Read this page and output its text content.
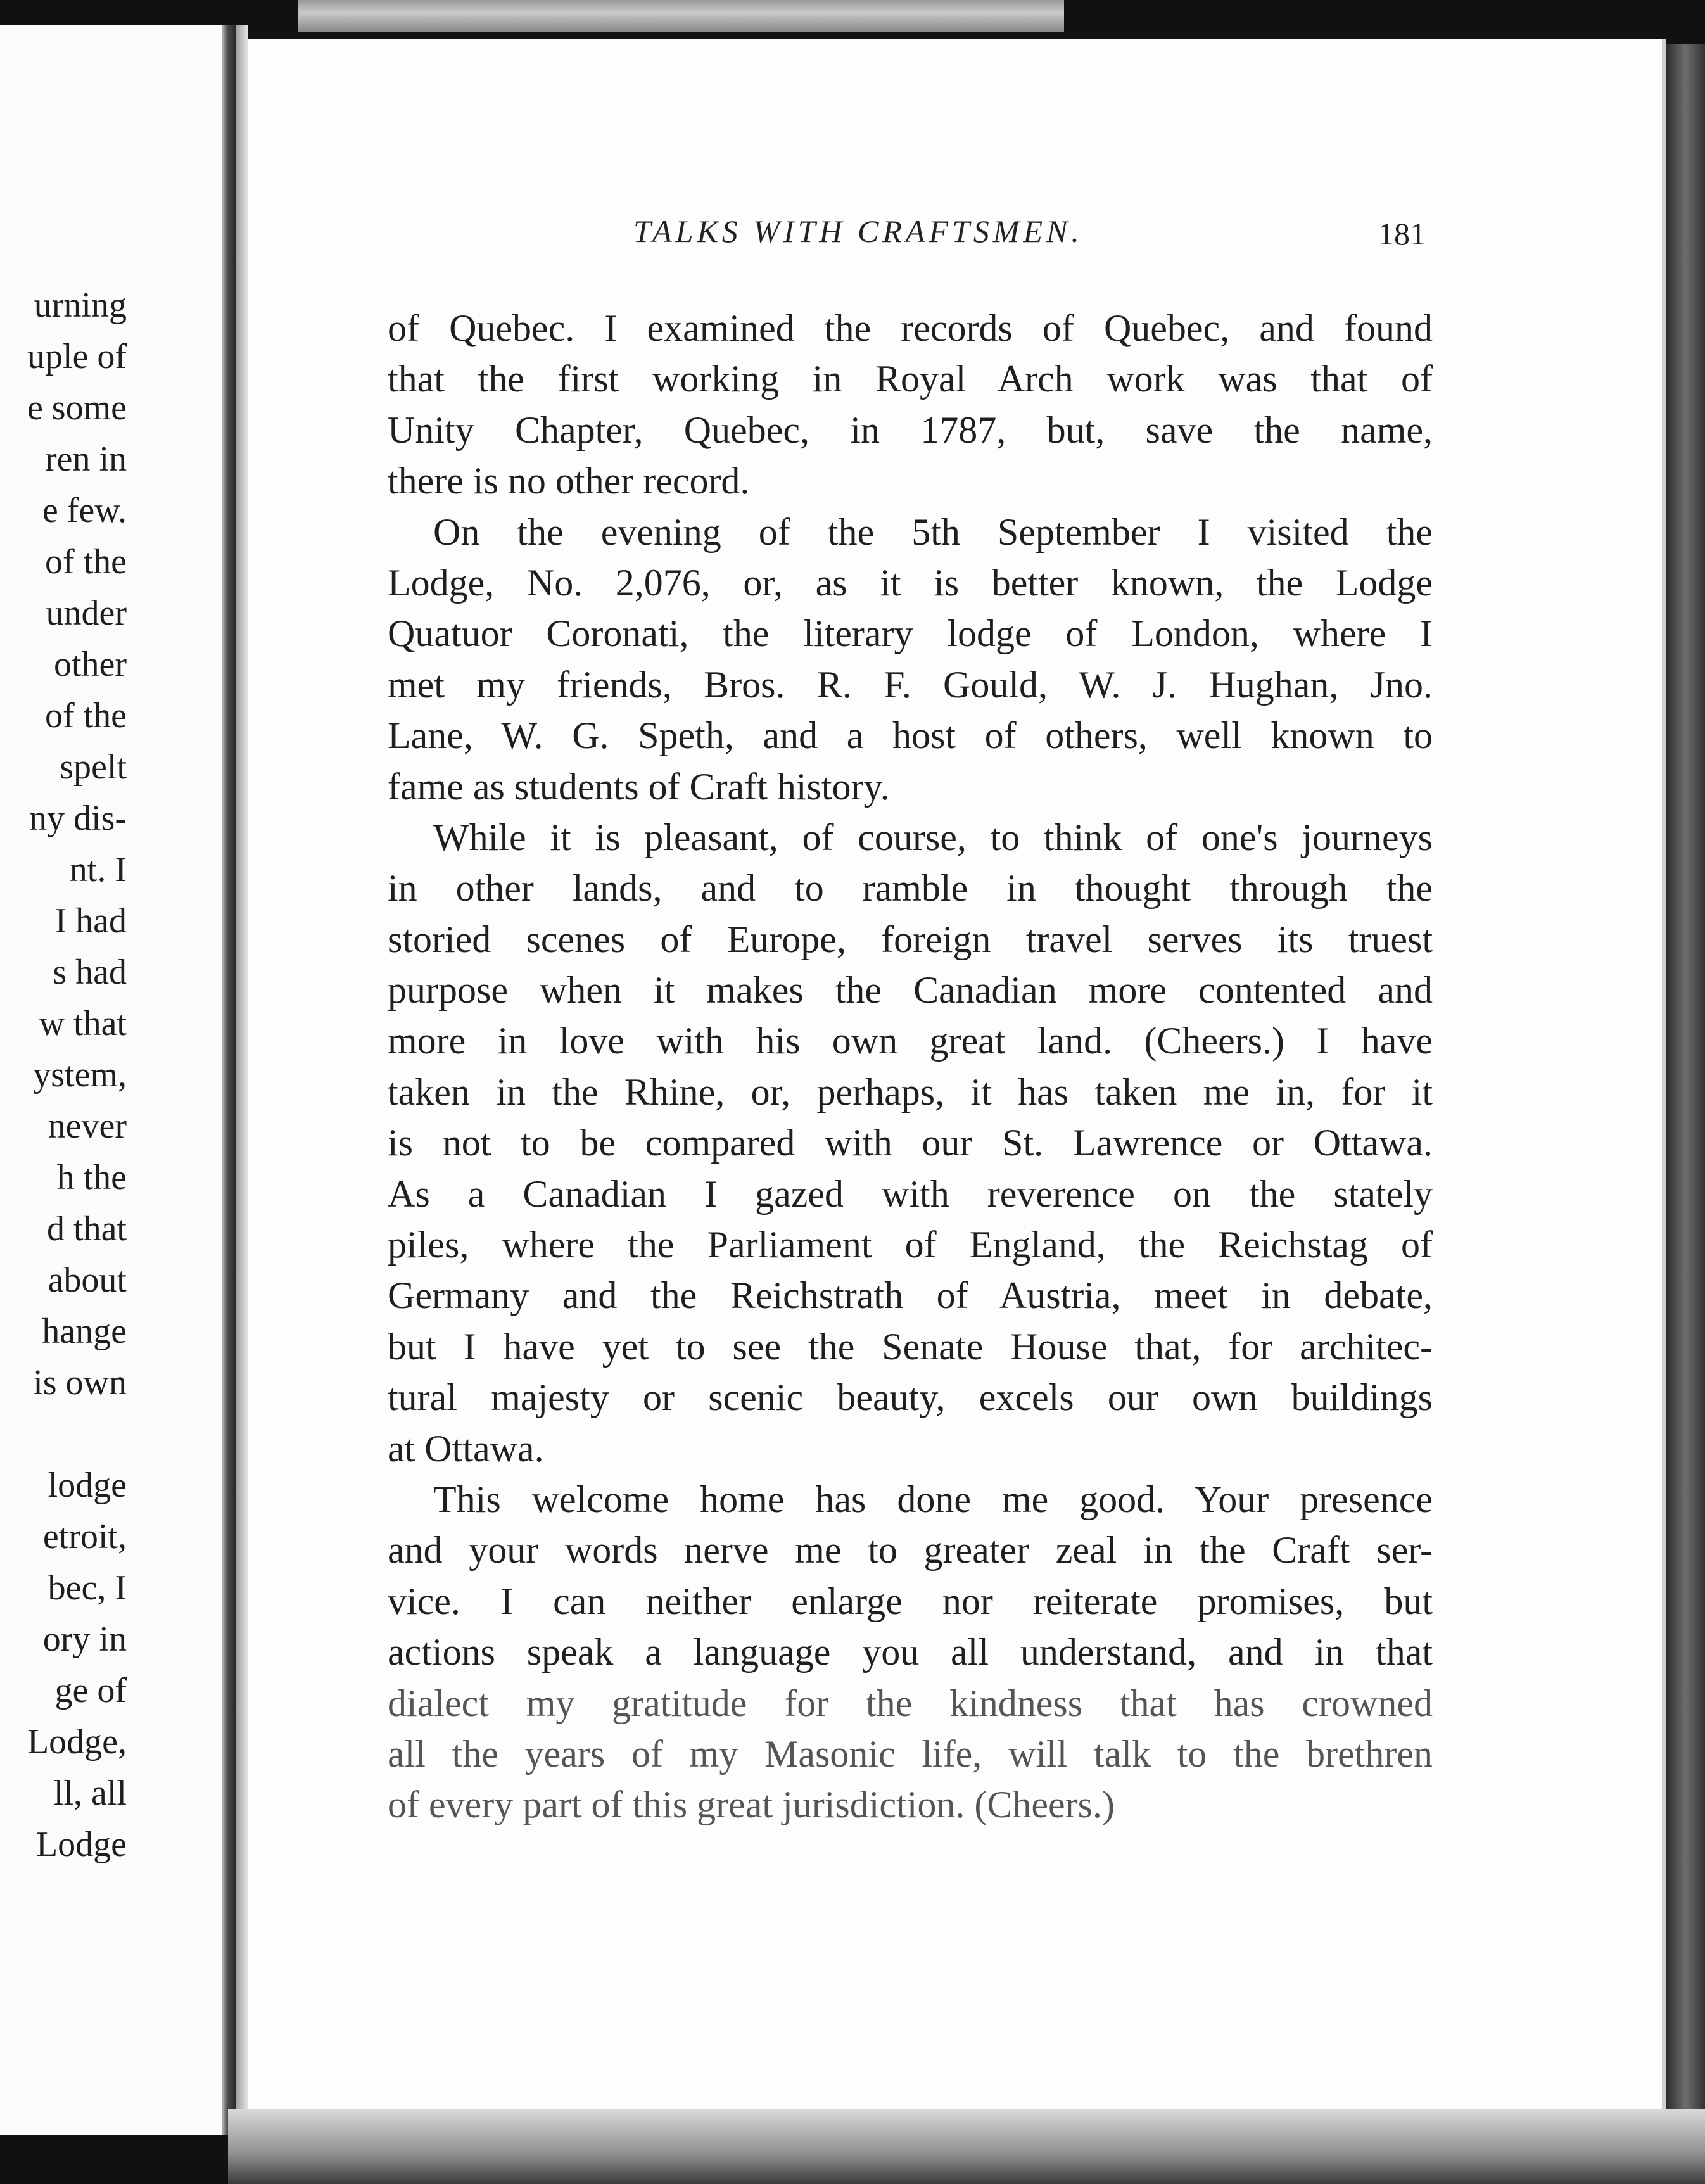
urning
uple of
e some
ren in
e few.
of the
under
other
of the
spelt
ny dis-
nt. I
I had
s had
w that
ystem,
never
h the
d that
about
hange
is own
lodge
etroit,
bec, I
ory in
ge of
Lodge,
ll, all
Lodge
TALKS WITH CRAFTSMEN.	181
of Quebec. I examined the records of Quebec, and found
that the first working in Royal Arch work was that of
Unity Chapter, Quebec, in 1787, but, save the name,
there is no other record.
On the evening of the 5th September I visited the
Lodge, No. 2,076, or, as it is better known, the Lodge
Quatuor Coronati, the literary lodge of London, where I
met my friends, Bros. R. F. Gould, W. J. Hughan, Jno.
Lane, W. G. Speth, and a host of others, well known to
fame as students of Craft history.
While it is pleasant, of course, to think of one's journeys
in other lands, and to ramble in thought through the
storied scenes of Europe, foreign travel serves its truest
purpose when it makes the Canadian more contented and
more in love with his own great land. (Cheers.) I have
taken in the Rhine, or, perhaps, it has taken me in, for it
is not to be compared with our St. Lawrence or Ottawa.
As a Canadian I gazed with reverence on the stately
piles, where the Parliament of England, the Reichstag of
Germany and the Reichstrath of Austria, meet in debate,
but I have yet to see the Senate House that, for architec-
tural majesty or scenic beauty, excels our own buildings
at Ottawa.
This welcome home has done me good. Your presence
and your words nerve me to greater zeal in the Craft ser-
vice. I can neither enlarge nor reiterate promises, but
actions speak a language you all understand, and in that
dialect my gratitude for the kindness that has crowned
all the years of my Masonic life, will talk to the brethren
of every part of this great jurisdiction. (Cheers.)
